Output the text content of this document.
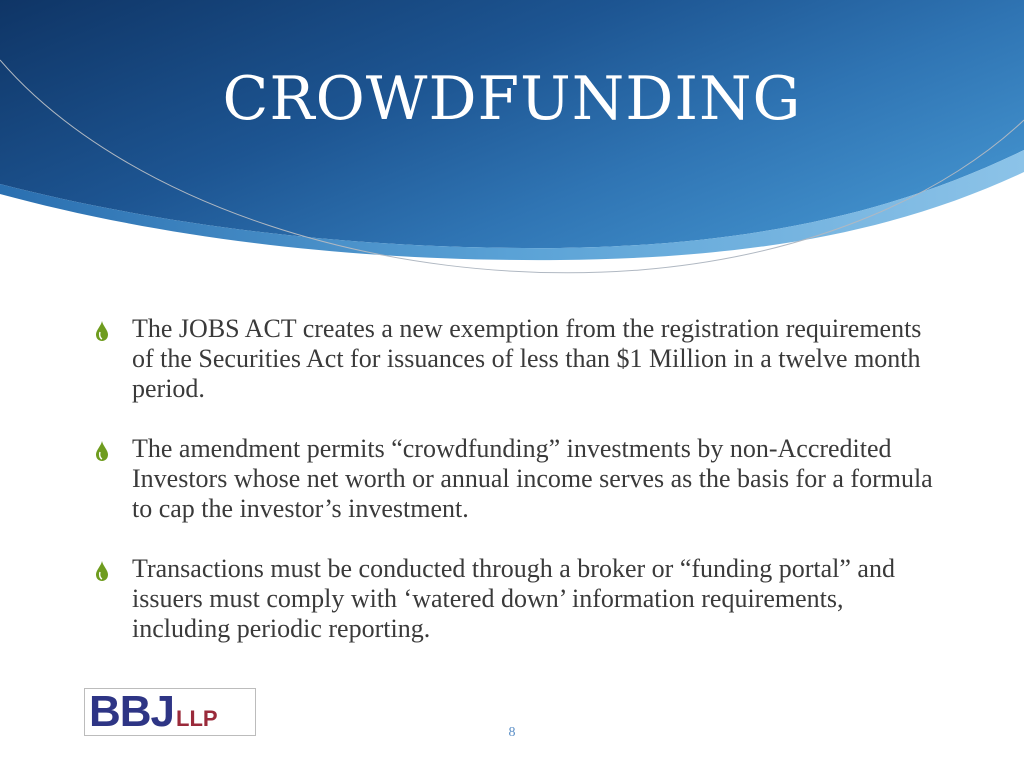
CROWDFUNDING
The JOBS ACT creates a new exemption from the registration requirements of the Securities Act for issuances of less than $1 Million in a twelve month period.
The amendment permits “crowdfunding” investments by non-Accredited Investors whose net worth or annual income serves as the basis for a formula to cap the investor’s investment.
Transactions must be conducted through a broker or “funding portal” and issuers must comply with ‘watered down’ information requirements, including periodic reporting.
BBJ LLP
8
